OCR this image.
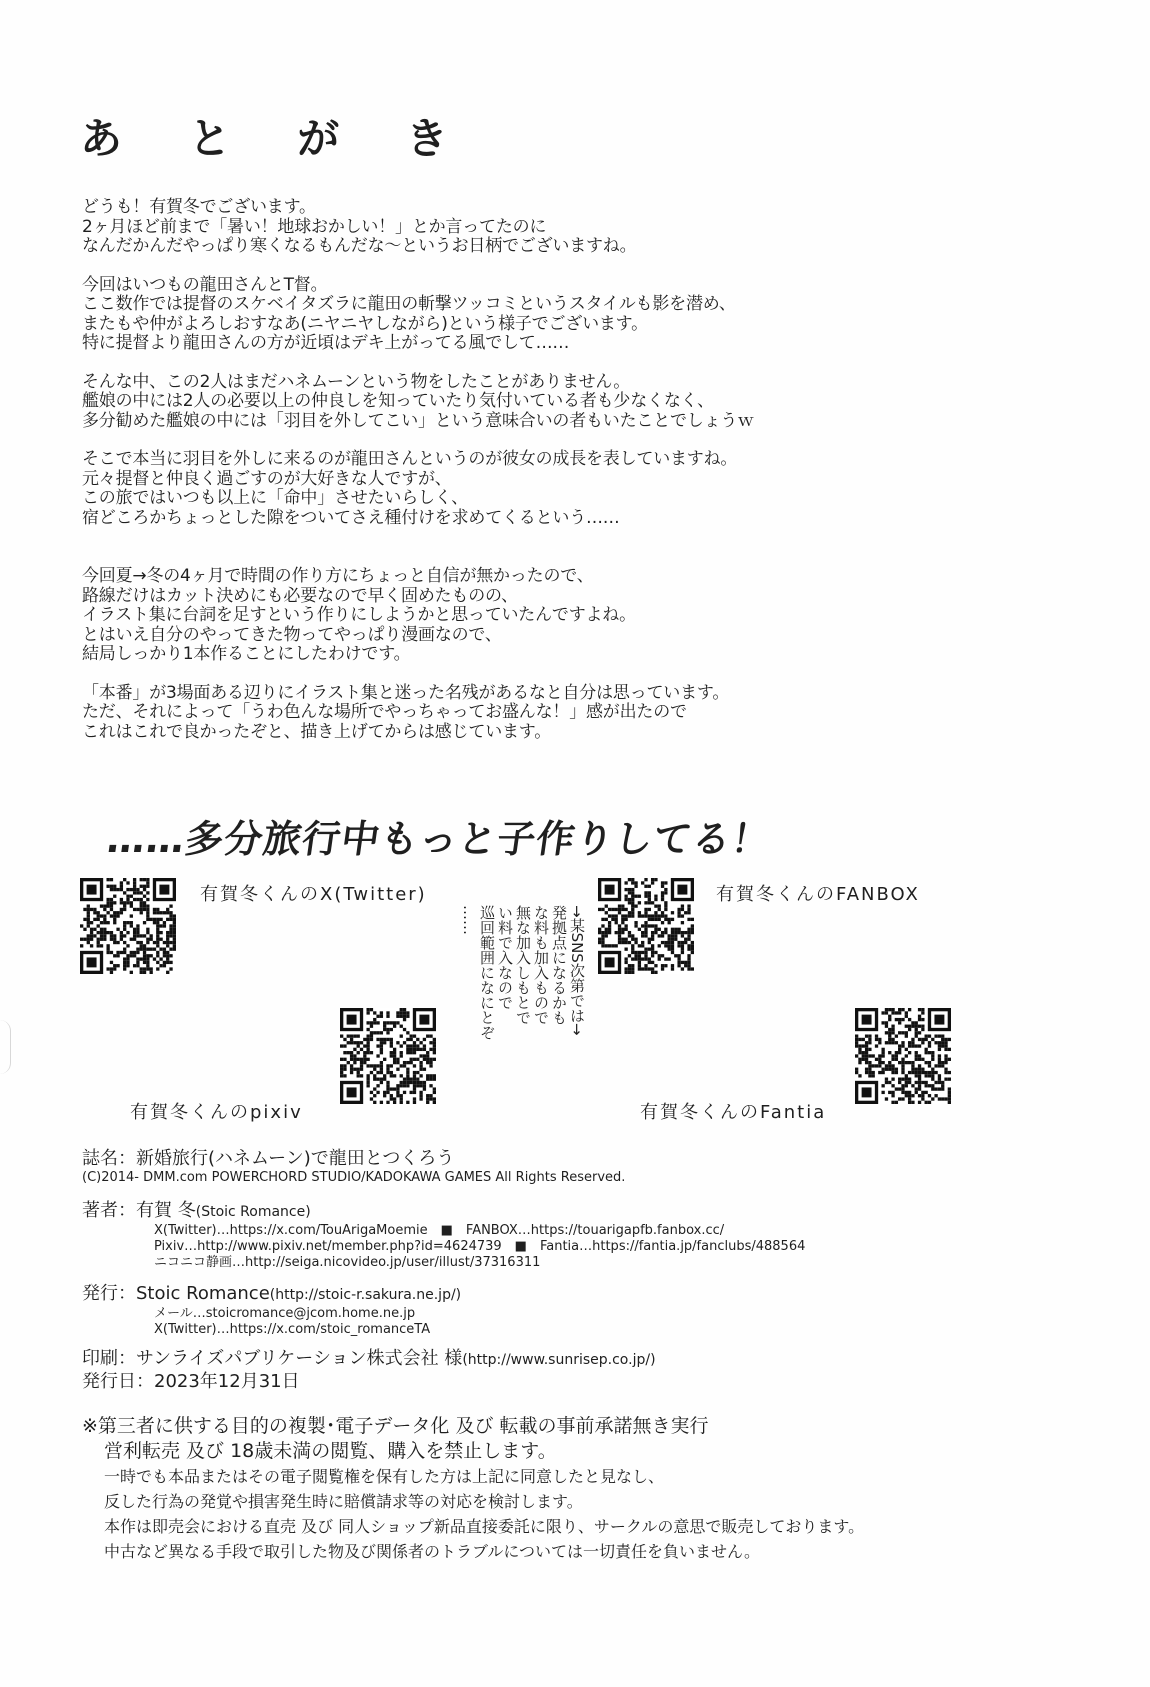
あ と が き
どうも！有賀冬でございます。
2ヶ月ほど前まで「暑い！地球おかしい！」とか言ってたのに
なんだかんだやっぱり寒くなるもんだな～というお日柄でございますね。
今回はいつもの龍田さんとT督。
ここ数作では提督のスケベイタズラに龍田の斬撃ツッコミというスタイルも影を潜め、
またもや仲がよろしおすなあ(ニヤニヤしながら)という様子でございます。
特に提督より龍田さんの方が近頃はデキ上がってる風でして……
そんな中、この2人はまだハネムーンという物をしたことがありません。
艦娘の中には2人の必要以上の仲良しを知っていたり気付いている者も少なくなく、
多分勧めた艦娘の中には「羽目を外してこい」という意味合いの者もいたことでしょうｗ
そこで本当に羽目を外しに来るのが龍田さんというのが彼女の成長を表していますね。
元々提督と仲良く過ごすのが大好きな人ですが、
この旅ではいつも以上に「命中」させたいらしく、
宿どころかちょっとした隙をついてさえ種付けを求めてくるという……
今回夏→冬の4ヶ月で時間の作り方にちょっと自信が無かったので、
路線だけはカット決めにも必要なので早く固めたものの、
イラスト集に台詞を足すという作りにしようかと思っていたんですよね。
とはいえ自分のやってきた物ってやっぱり漫画なので、
結局しっかり1本作ることにしたわけです。
「本番」が3場面ある辺りにイラスト集と迷った名残があるなと自分は思っています。
ただ、それによって「うわ色んな場所でやっちゃってお盛んな！」感が出たので
これはこれで良かったぞと、描き上げてからは感じています。
……多分旅行中もっと子作りしてる！
有賀冬くんのX(Twitter)	有賀冬くんのFANBOX
有賀冬くんのpixiv	有賀冬くんのFantia
→某SNS次第では→
発拠点になるかも
な料も加入もので
無な加入しもとで
い料で入なので
巡回範囲になにとぞ
……
誌名：新婚旅行(ハネムーン)で龍田とつくろう
(C)2014- DMM.com POWERCHORD STUDIO/KADOKAWA GAMES All Rights Reserved.
著者：有賀 冬(Stoic Romance)
X(Twitter)…https://x.com/TouArigaMoemie　■　FANBOX…https://touarigapfb.fanbox.cc/
Pixiv…http://www.pixiv.net/member.php?id=4624739　■　Fantia…https://fantia.jp/fanclubs/488564
ニコニコ静画…http://seiga.nicovideo.jp/user/illust/37316311
発行：Stoic Romance(http://stoic-r.sakura.ne.jp/)
メール…stoicromance@jcom.home.ne.jp
X(Twitter)…https://x.com/stoic_romanceTA
印刷：サンライズパブリケーション株式会社 様(http://www.sunrisep.co.jp/)
発行日：2023年12月31日
※第三者に供する目的の複製･電子データ化 及び 転載の事前承諾無き実行
営利転売 及び 18歳未満の閲覧、購入を禁止します。
一時でも本品またはその電子閲覧権を保有した方は上記に同意したと見なし、
反した行為の発覚や損害発生時に賠償請求等の対応を検討します。
本作は即売会における直売 及び 同人ショップ新品直接委託に限り、サークルの意思で販売しております。
中古など異なる手段で取引した物及び関係者のトラブルについては一切責任を負いません。
